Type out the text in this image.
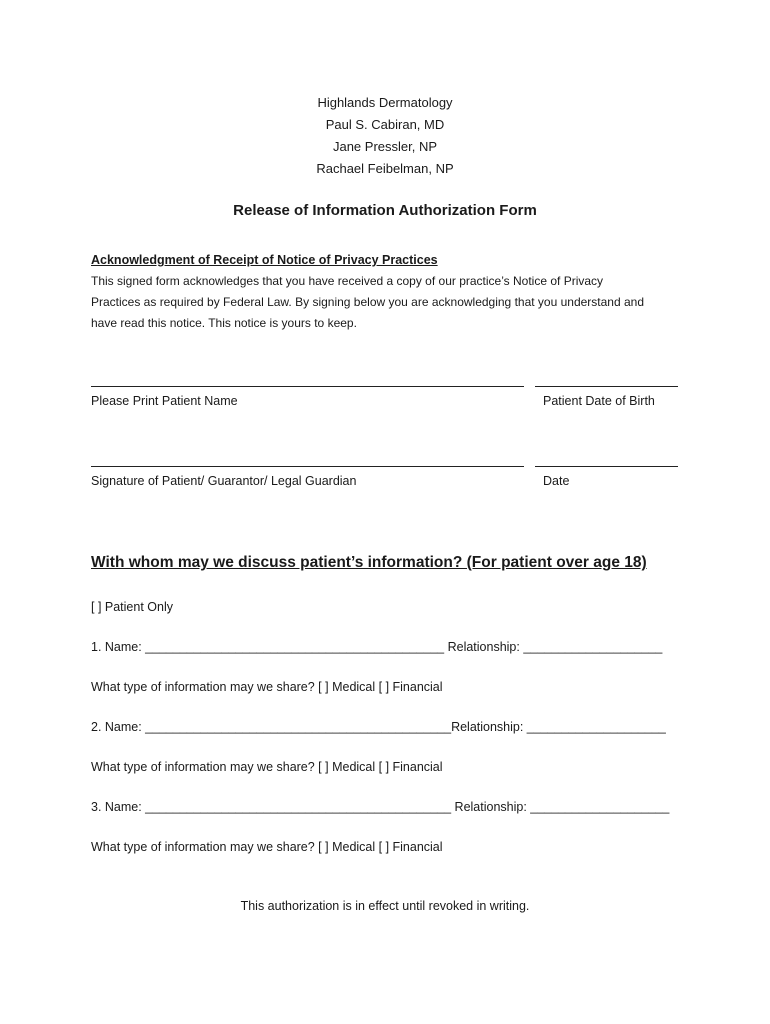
Highlands Dermatology
Paul S. Cabiran, MD
Jane Pressler, NP
Rachael Feibelman, NP
Release of Information Authorization Form
Acknowledgment of Receipt of Notice of Privacy Practices
This signed form acknowledges that you have received a copy of our practice’s Notice of Privacy
Practices as required by Federal Law. By signing below you are acknowledging that you understand and
have read this notice. This notice is yours to keep.
Please Print Patient Name	Patient Date of Birth
Signature of Patient/ Guarantor/ Legal Guardian	Date
With whom may we discuss patient’s information? (For patient over age 18)
[ ] Patient Only
1. Name: ___________________________________________ Relationship: ____________________
What type of information may we share? [ ] Medical [ ] Financial
2. Name: ____________________________________________Relationship: ____________________
What type of information may we share? [ ] Medical [ ] Financial
3. Name: ____________________________________________ Relationship: ____________________
What type of information may we share? [ ] Medical [ ] Financial
This authorization is in effect until revoked in writing.
